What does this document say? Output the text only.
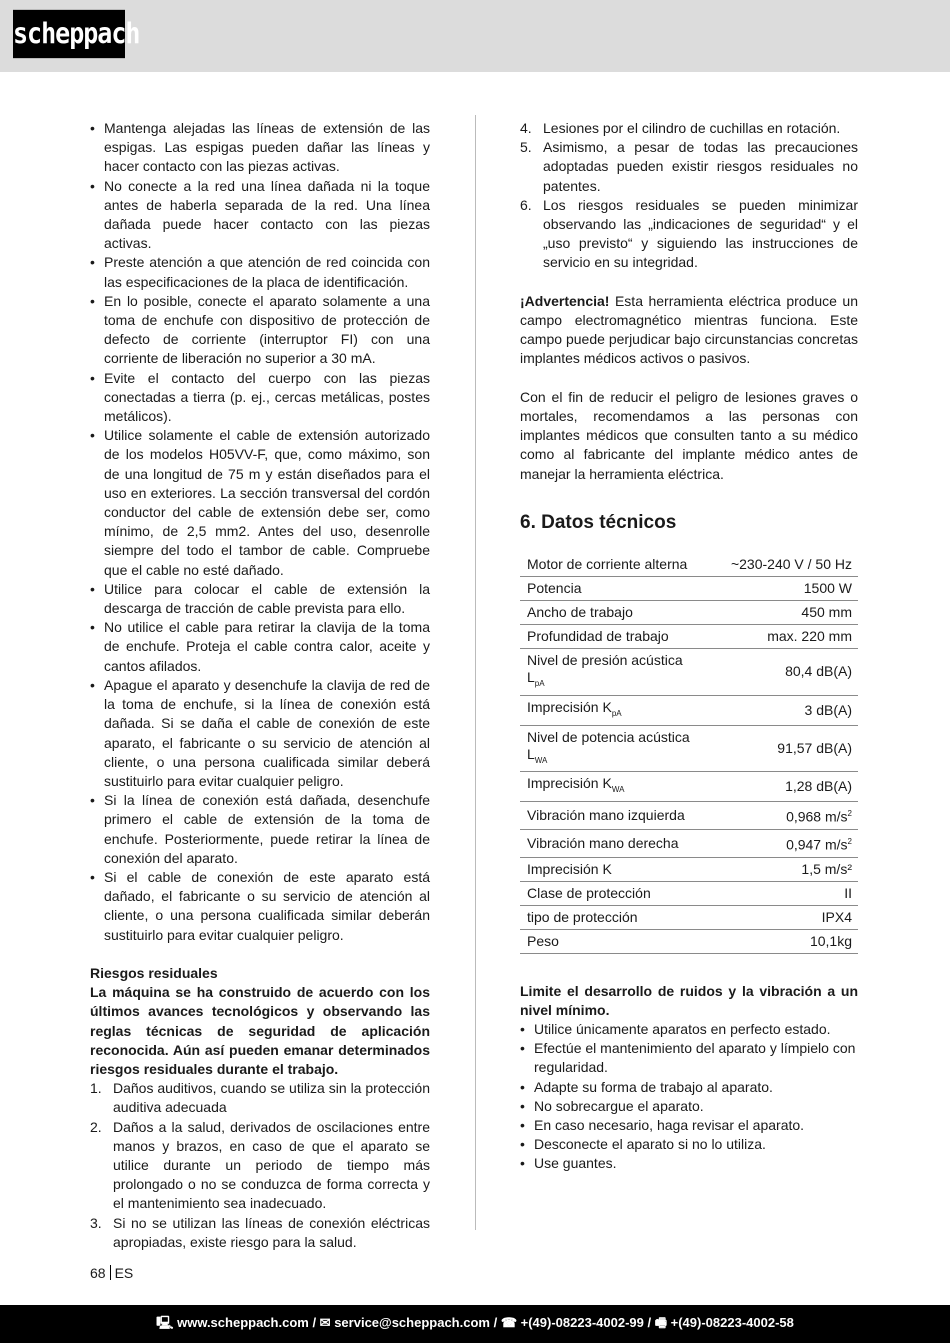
scheppach
• Mantenga alejadas las líneas de extensión de las espigas. Las espigas pueden dañar las líneas y hacer contacto con las piezas activas.
• No conecte a la red una línea dañada ni la toque antes de haberla separada de la red. Una línea dañada puede hacer contacto con las piezas activas.
• Preste atención a que atención de red coincida con las especificaciones de la placa de identificación.
• En lo posible, conecte el aparato solamente a una toma de enchufe con dispositivo de protección de defecto de corriente (interruptor FI) con una corriente de liberación no superior a 30 mA.
• Evite el contacto del cuerpo con las piezas conectadas a tierra (p. ej., cercas metálicas, postes metálicos).
• Utilice solamente el cable de extensión autorizado de los modelos H05VV-F, que, como máximo, son de una longitud de 75 m y están diseñados para el uso en exteriores. La sección transversal del cordón conductor del cable de extensión debe ser, como mínimo, de 2,5 mm2. Antes del uso, desenrolle siempre del todo el tambor de cable. Compruebe que el cable no esté dañado.
• Utilice para colocar el cable de extensión la descarga de tracción de cable prevista para ello.
• No utilice el cable para retirar la clavija de la toma de enchufe. Proteja el cable contra calor, aceite y cantos afilados.
• Apague el aparato y desenchufe la clavija de red de la toma de enchufe, si la línea de conexión está dañada. Si se daña el cable de conexión de este aparato, el fabricante o su servicio de atención al cliente, o una persona cualificada similar deberá sustituirlo para evitar cualquier peligro.
• Si la línea de conexión está dañada, desenchufe primero el cable de extensión de la toma de enchufe. Posteriormente, puede retirar la línea de conexión del aparato.
• Si el cable de conexión de este aparato está dañado, el fabricante o su servicio de atención al cliente, o una persona cualificada similar deberán sustituirlo para evitar cualquier peligro.

Riesgos residuales

La máquina se ha construido de acuerdo con los últimos avances tecnológicos y observando las reglas técnicas de seguridad de aplicación reconocida. Aún así pueden emanar determinados riesgos residuales durante el trabajo.

1. Daños auditivos, cuando se utiliza sin la protección auditiva adecuada
2. Daños a la salud, derivados de oscilaciones entre manos y brazos, en caso de que el aparato se utilice durante un periodo de tiempo más prolongado o no se conduzca de forma correcta y el mantenimiento sea inadecuado.
3. Si no se utilizan las líneas de conexión eléctricas apropiadas, existe riesgo para la salud.
4. Lesiones por el cilindro de cuchillas en rotación.
5. Asimismo, a pesar de todas las precauciones adoptadas pueden existir riesgos residuales no patentes.
6. Los riesgos residuales se pueden minimizar observando las „indicaciones de seguridad“ y el „uso previsto“ y siguiendo las instrucciones de servicio en su integridad.

¡Advertencia! Esta herramienta eléctrica produce un campo electromagnético mientras funciona. Este campo puede perjudicar bajo circunstancias concretas implantes médicos activos o pasivos.

Con el fin de reducir el peligro de lesiones graves o mortales, recomendamos a las personas con implantes médicos que consulten tanto a su médico como al fabricante del implante médico antes de manejar la herramienta eléctrica.

6. Datos técnicos
Motor de corriente alterna	~230-240 V / 50 Hz
Potencia	1500 W
Ancho de trabajo	450 mm
Profundidad de trabajo	max. 220 mm
Nivel de presión acústica
$L_{pA}$	80,4 dB(A)
Imprecisión $K_{pA}$	3 dB(A)
Nivel de potencia acústica
$L_{WA}$	91,57 dB(A)
Imprecisión $K_{WA}$	1,28 dB(A)
Vibración mano izquierda	0,968 $m/s^2$
Vibración mano derecha	0,947 $m/s^2$
Imprecisión K	1,5 m/s²
Clase de protección	II
tipo de protección	IPX4
Peso	10,1kg

Limite el desarrollo de ruidos y la vibración a un nivel mínimo.

• Utilice únicamente aparatos en perfecto estado.
• Efectúe el mantenimiento del aparato y límpielo con regularidad.
• Adapte su forma de trabajo al aparato.
• No sobrecargue el aparato.
• En caso necesario, haga revisar el aparato.
• Desconecte el aparato si no lo utiliza.
• Use guantes.
68 ES
🖳︎ www.scheppach.com / ✉︎ service@scheppach.com / ☎︎ +(49)-08223-4002-99 / 🖷︎ +(49)-08223-4002-58
